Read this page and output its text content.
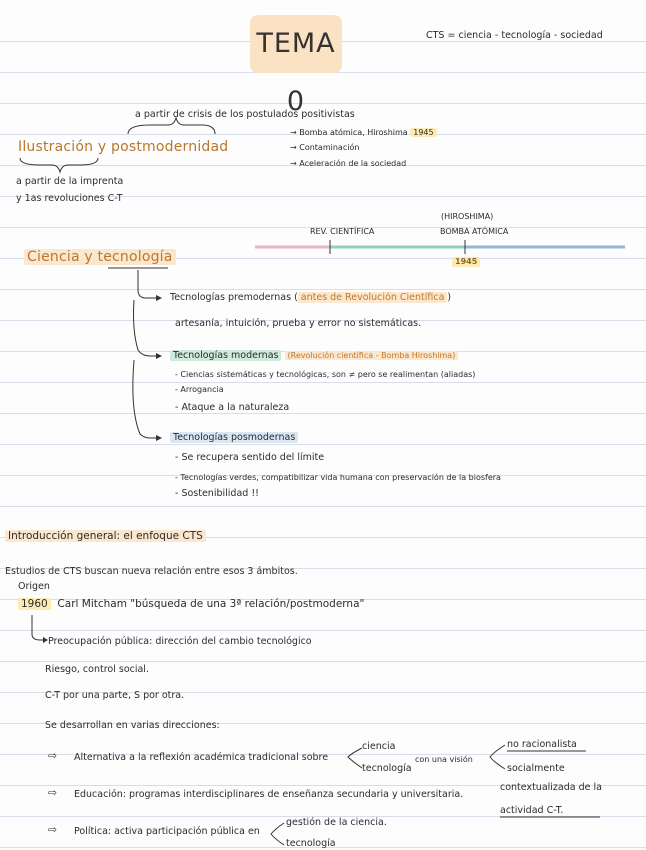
TEMA 0
CTS = ciencia - tecnología - sociedad
a partir de crisis de los postulados positivistas
Ilustración y postmodernidad
→ Bomba atómica, Hiroshima 1945
→ Contaminación
→ Aceleración de la sociedad
a partir de la imprenta
y 1as revoluciones C-T
(HIROSHIMA)
REV. CIENTÍFICA	BOMBA ATÓMICA
1945
Ciencia y tecnología
Tecnologías premodernas ( antes de Revolución Científica )
artesanía, intuición, prueba y error no sistemáticas.
Tecnologías modernas (Revolución científica - Bomba Hiroshima)
- Ciencias sistemáticas y tecnológicas, son ≠ pero se realimentan (aliadas)
- Arrogancia
- Ataque a la naturaleza
Tecnologías posmodernas
- Se recupera sentido del límite
- Tecnologías verdes, compatibilizar vida humana con preservación de la biosfera
- Sostenibilidad !!
Introducción general: el enfoque CTS
Estudios de CTS buscan nueva relación entre esos 3 ámbitos.
Origen
1960 Carl Mitcham "búsqueda de una 3ª relación/postmoderna"
Preocupación pública: dirección del cambio tecnológico
Riesgo, control social.
C-T por una parte, S por otra.
Se desarrollan en varias direcciones:
⇨ Alternativa a la reflexión académica tradicional sobre
ciencia
tecnología
con una visión
no racionalista
socialmente
⇨ Educación: programas interdisciplinares de enseñanza secundaria y universitaria.
contextualizada de la
actividad C-T.
⇨ Política: activa participación pública en
gestión de la ciencia.
tecnología
